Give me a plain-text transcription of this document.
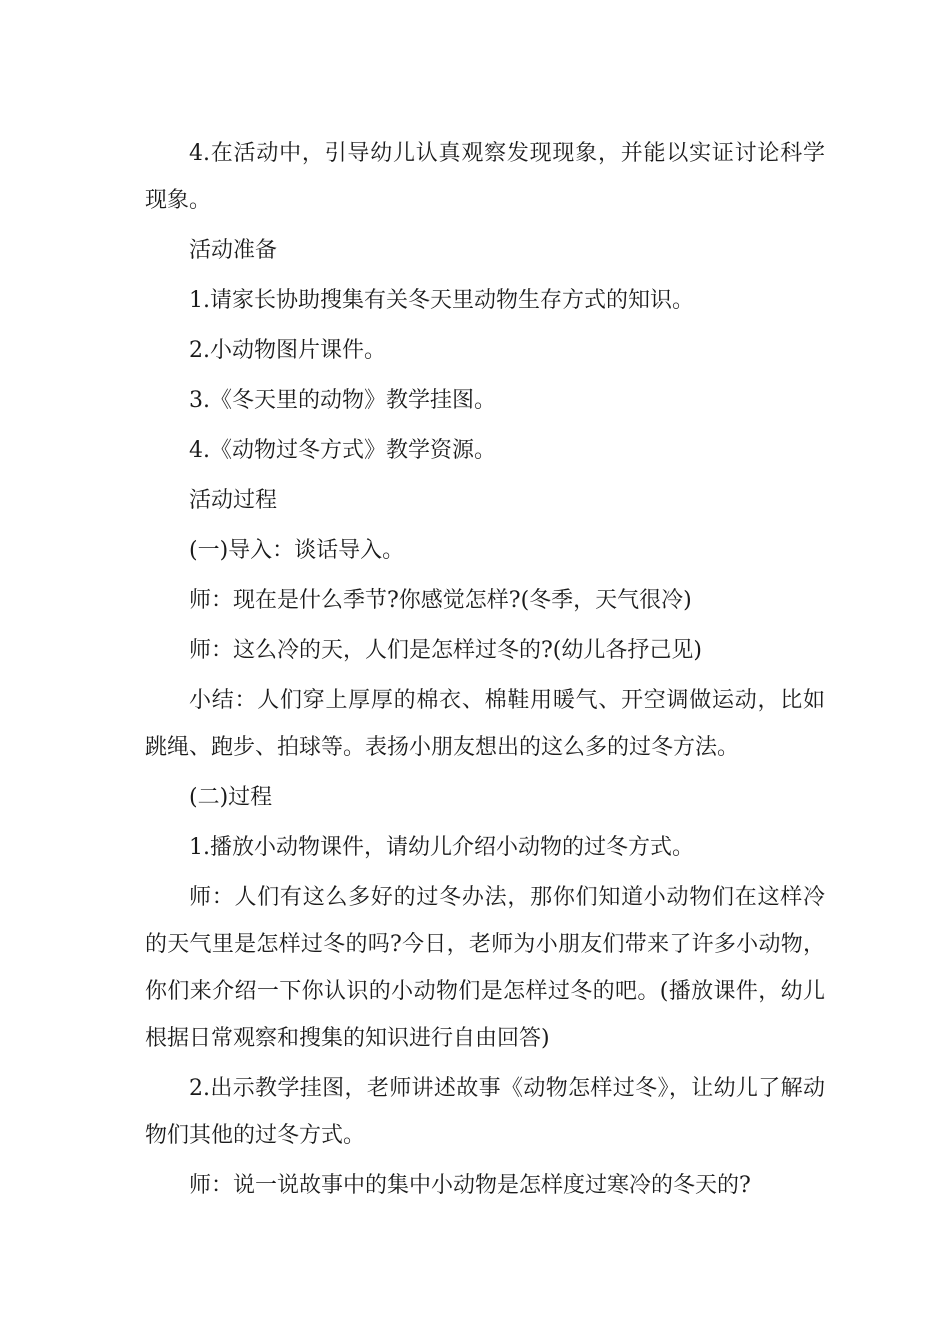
4.在活动中，引导幼儿认真观察发现现象，并能以实证讨论科学现象。

活动准备

1.请家长协助搜集有关冬天里动物生存方式的知识。

2.小动物图片课件。

3.《冬天里的动物》教学挂图。

4.《动物过冬方式》教学资源。

活动过程

(一)导入：谈话导入。

师：现在是什么季节?你感觉怎样?(冬季，天气很冷)

师：这么冷的天，人们是怎样过冬的?(幼儿各抒己见)

小结：人们穿上厚厚的棉衣、棉鞋用暖气、开空调做运动，比如跳绳、跑步、拍球等。表扬小朋友想出的这么多的过冬方法。

(二)过程

1.播放小动物课件，请幼儿介绍小动物的过冬方式。

师：人们有这么多好的过冬办法，那你们知道小动物们在这样冷的天气里是怎样过冬的吗?今日，老师为小朋友们带来了许多小动物，你们来介绍一下你认识的小动物们是怎样过冬的吧。(播放课件，幼儿根据日常观察和搜集的知识进行自由回答)

2.出示教学挂图，老师讲述故事《动物怎样过冬》，让幼儿了解动物们其他的过冬方式。

师：说一说故事中的集中小动物是怎样度过寒冷的冬天的?
